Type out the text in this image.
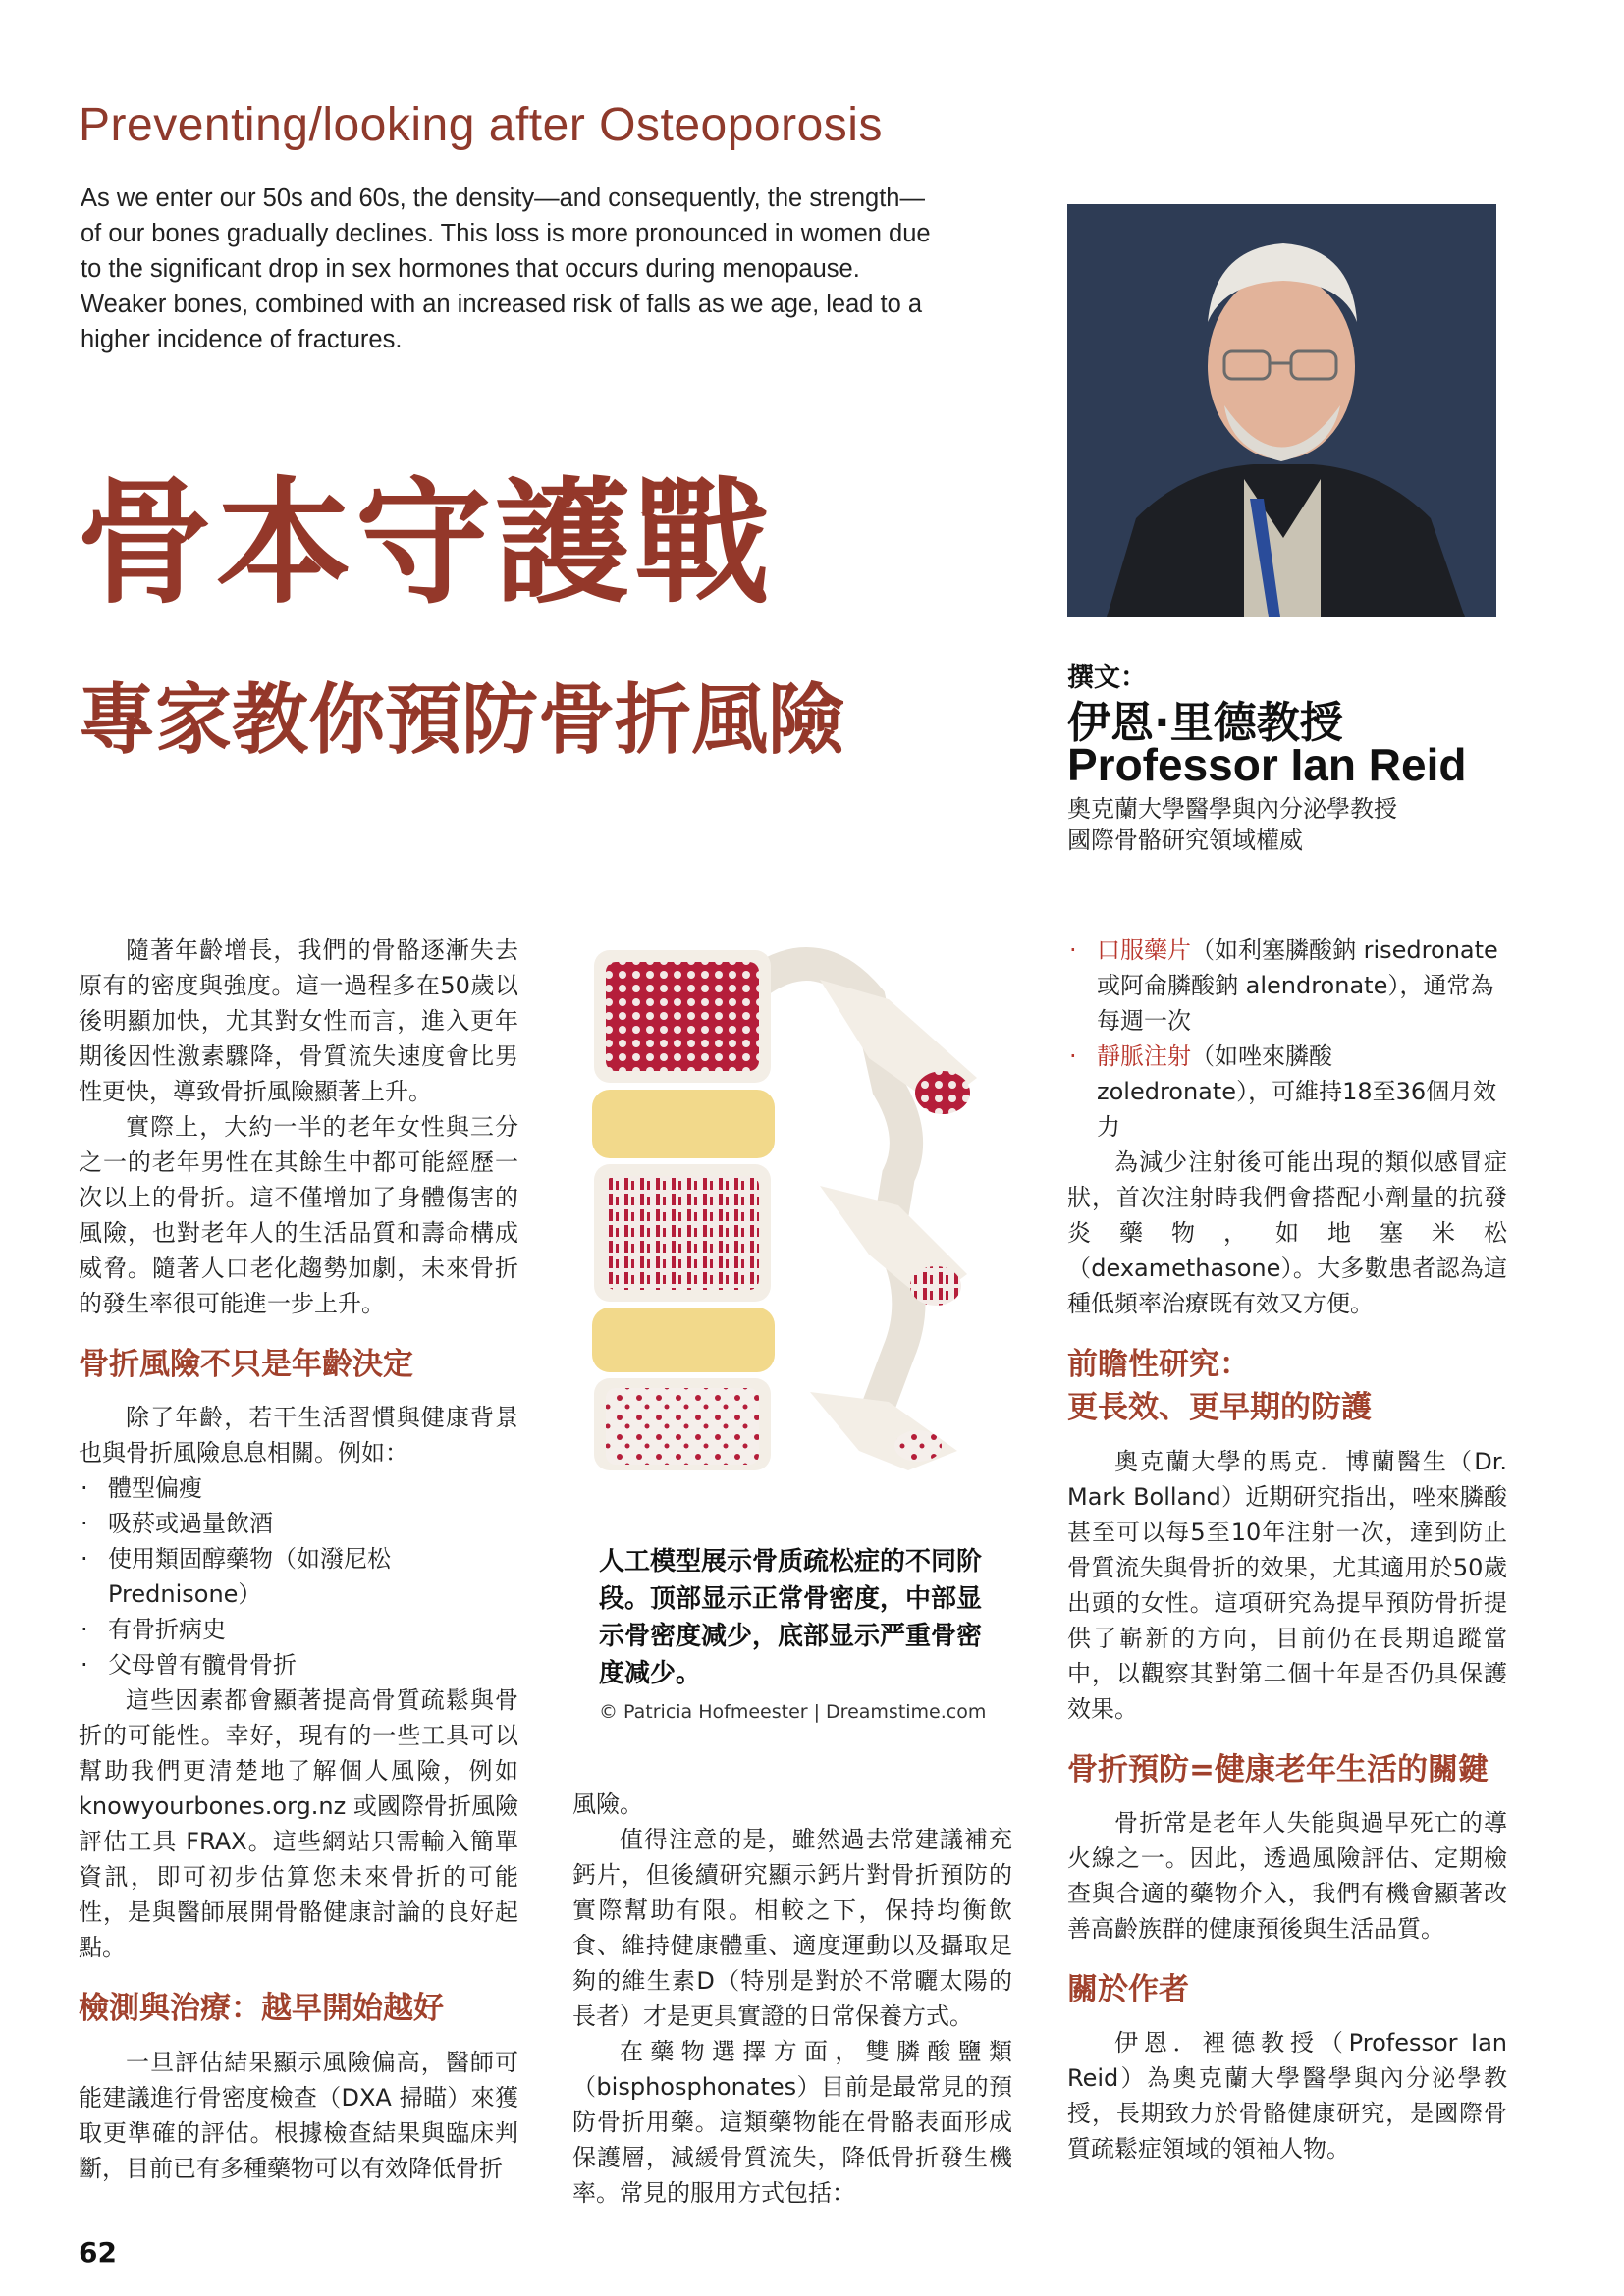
Preventing/looking after Osteoporosis

As we enter our 50s and 60s, the density—and consequently, the strength—of our bones gradually declines. This loss is more pronounced in women due to the significant drop in sex hormones that occurs during menopause. Weaker bones, combined with an increased risk of falls as we age, lead to a higher incidence of fractures.

骨本守護戰
專家教你預防骨折風險	撰文：

伊恩·里德教授

Professor Ian Reid

奧克蘭大學醫學與內分泌學教授
國際骨骼研究領域權威

隨著年齡增長，我們的骨骼逐漸失去原有的密度與強度。這一過程多在50歲以後明顯加快，尤其對女性而言，進入更年期後因性激素驟降，骨質流失速度會比男性更快，導致骨折風險顯著上升。

實際上，大約一半的老年女性與三分之一的老年男性在其餘生中都可能經歷一次以上的骨折。這不僅增加了身體傷害的風險，也對老年人的生活品質和壽命構成威脅。隨著人口老化趨勢加劇，未來骨折的發生率很可能進一步上升。

骨折風險不只是年齡決定

除了年齡，若干生活習慣與健康背景也與骨折風險息息相關。例如：

· 體型偏瘦
· 吸菸或過量飲酒
· 使用類固醇藥物（如潑尼松 Prednisone）
· 有骨折病史
· 父母曾有髖骨骨折

這些因素都會顯著提高骨質疏鬆與骨折的可能性。幸好，現有的一些工具可以幫助我們更清楚地了解個人風險，例如knowyourbones.org.nz 或國際骨折風險評估工具 FRAX。這些網站只需輸入簡單資訊，即可初步估算您未來骨折的可能性，是與醫師展開骨骼健康討論的良好起點。

檢測與治療：越早開始越好

一旦評估結果顯示風險偏高，醫師可能建議進行骨密度檢查（DXA 掃瞄）來獲取更準確的評估。根據檢查結果與臨床判斷，目前已有多種藥物可以有效降低骨折

人工模型展示骨质疏松症的不同阶段。顶部显示正常骨密度，中部显示骨密度减少，底部显示严重骨密度减少。

© Patricia Hofmeester | Dreamstime.com

風險。

值得注意的是，雖然過去常建議補充鈣片，但後續研究顯示鈣片對骨折預防的實際幫助有限。相較之下，保持均衡飲食、維持健康體重、適度運動以及攝取足夠的維生素D（特別是對於不常曬太陽的長者）才是更具實證的日常保養方式。

在藥物選擇方面，雙膦酸鹽類（bisphosphonates）目前是最常見的預防骨折用藥。這類藥物能在骨骼表面形成保護層，減緩骨質流失，降低骨折發生機率。常見的服用方式包括：

· 口服藥片（如利塞膦酸鈉 risedronate 或阿侖膦酸鈉 alendronate），通常為每週一次
· 靜脈注射（如唑來膦酸 zoledronate），可維持18至36個月效力

為減少注射後可能出現的類似感冒症狀，首次注射時我們會搭配小劑量的抗發炎藥物，如地塞米松（dexamethasone）。大多數患者認為這種低頻率治療既有效又方便。

前瞻性研究：
更長效、更早期的防護

奧克蘭大學的馬克．博蘭醫生（Dr. Mark Bolland）近期研究指出，唑來膦酸甚至可以每5至10年注射一次，達到防止骨質流失與骨折的效果，尤其適用於50歲出頭的女性。這項研究為提早預防骨折提供了嶄新的方向，目前仍在長期追蹤當中，以觀察其對第二個十年是否仍具保護效果。

骨折預防=健康老年生活的關鍵

骨折常是老年人失能與過早死亡的導火線之一。因此，透過風險評估、定期檢查與合適的藥物介入，我們有機會顯著改善高齡族群的健康預後與生活品質。

關於作者

伊恩．裡德教授（Professor Ian Reid）為奧克蘭大學醫學與內分泌學教授，長期致力於骨骼健康研究，是國際骨質疏鬆症領域的領袖人物。

62
